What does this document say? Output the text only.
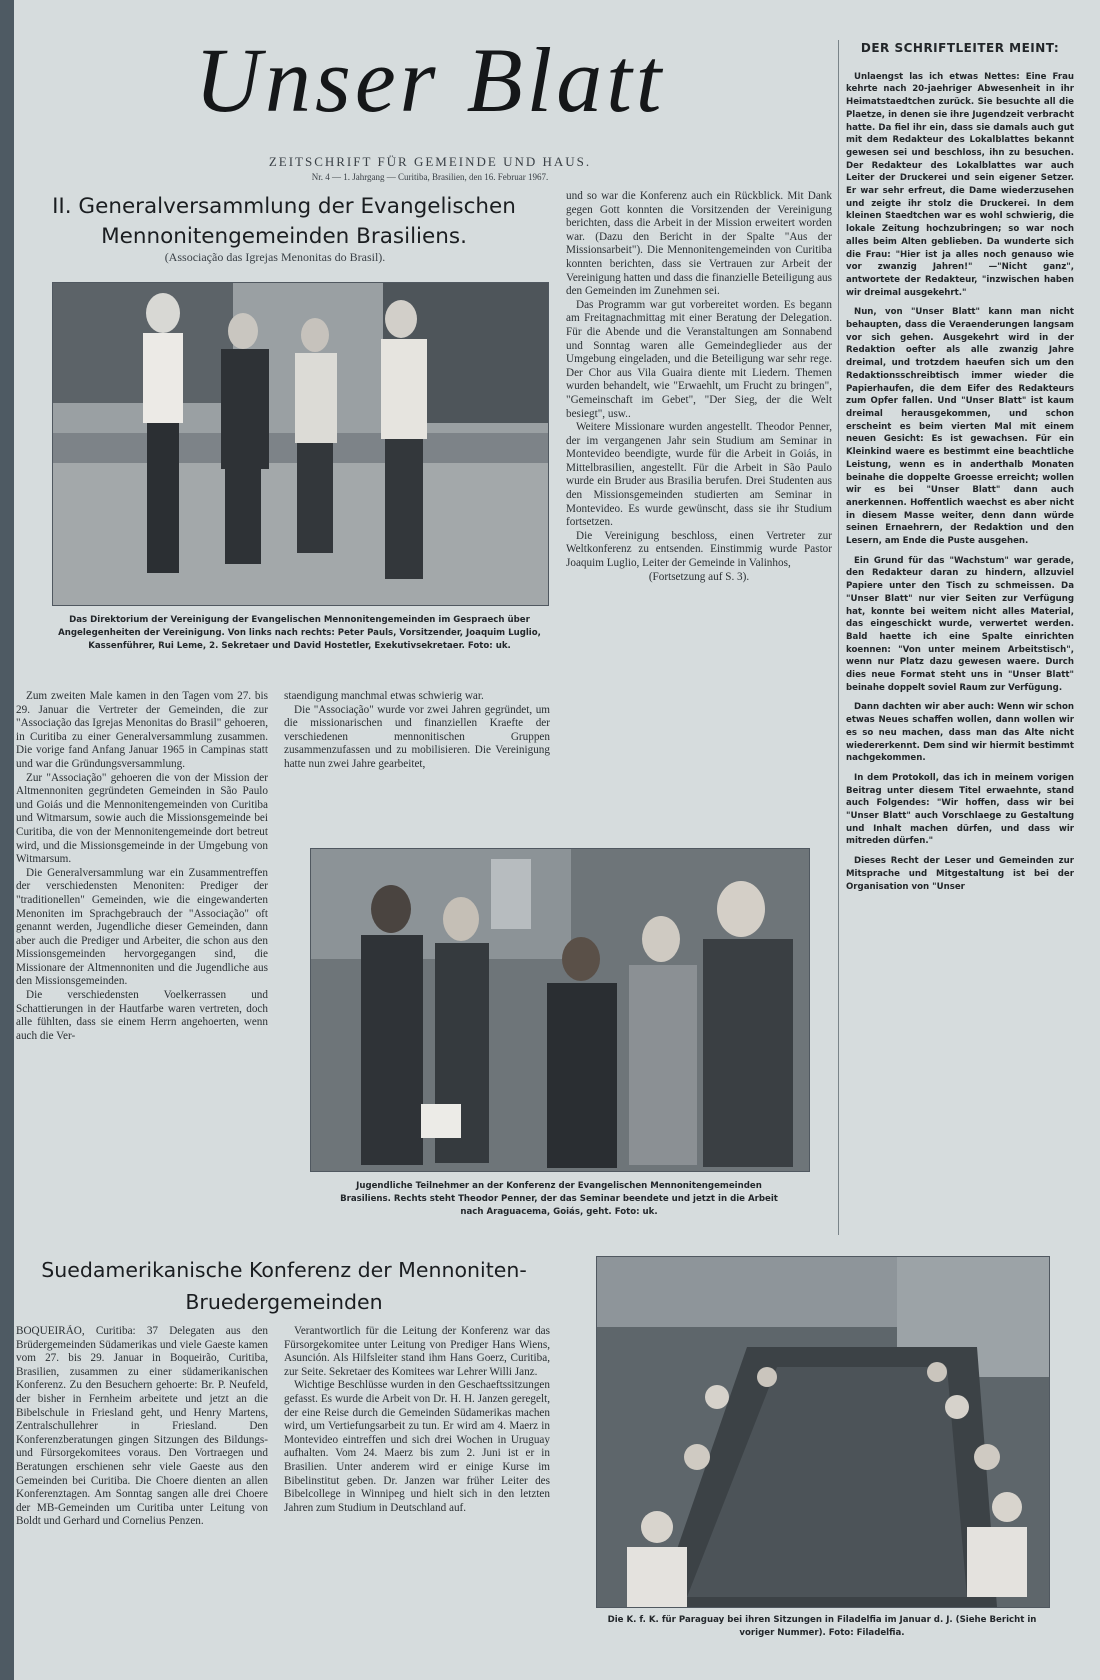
Unser Blatt
ZEITSCHRIFT FÜR GEMEINDE UND HAUS.
Nr. 4 — 1. Jahrgang — Curitiba, Brasilien, den 16. Februar 1967.
DER SCHRIFTLEITER MEINT:

Unlaengst las ich etwas Nettes: Eine Frau kehrte nach 20-jaehriger Abwesenheit in ihr Heimatstaedtchen zurück. Sie besuchte all die Plaetze, in denen sie ihre Jugendzeit verbracht hatte. Da fiel ihr ein, dass sie damals auch gut mit dem Redakteur des Lokalblattes bekannt gewesen sei und beschloss, ihn zu besuchen. Der Redakteur des Lokalblattes war auch Leiter der Druckerei und sein eigener Setzer. Er war sehr erfreut, die Dame wiederzusehen und zeigte ihr stolz die Druckerei. In dem kleinen Staedtchen war es wohl schwierig, die lokale Zeitung hochzubringen; so war noch alles beim Alten geblieben. Da wunderte sich die Frau: "Hier ist ja alles noch genauso wie vor zwanzig Jahren!" —"Nicht ganz", antwortete der Redakteur, "inzwischen haben wir dreimal ausgekehrt."

Nun, von "Unser Blatt" kann man nicht behaupten, dass die Veraenderungen langsam vor sich gehen. Ausgekehrt wird in der Redaktion oefter als alle zwanzig Jahre dreimal, und trotzdem haeufen sich um den Redaktionsschreibtisch immer wieder die Papierhaufen, die dem Eifer des Redakteurs zum Opfer fallen. Und "Unser Blatt" ist kaum dreimal herausgekommen, und schon erscheint es beim vierten Mal mit einem neuen Gesicht: Es ist gewachsen. Für ein Kleinkind waere es bestimmt eine beachtliche Leistung, wenn es in anderthalb Monaten beinahe die doppelte Groesse erreicht; wollen wir es bei "Unser Blatt" dann auch anerkennen. Hoffentlich waechst es aber nicht in diesem Masse weiter, denn dann würde seinen Ernaehrern, der Redaktion und den Lesern, am Ende die Puste ausgehen.

Ein Grund für das "Wachstum" war gerade, den Redakteur daran zu hindern, allzuviel Papiere unter den Tisch zu schmeissen. Da "Unser Blatt" nur vier Seiten zur Verfügung hat, konnte bei weitem nicht alles Material, das eingeschickt wurde, verwertet werden. Bald haette ich eine Spalte einrichten koennen: "Von unter meinem Arbeitstisch", wenn nur Platz dazu gewesen waere. Durch dies neue Format steht uns in "Unser Blatt" beinahe doppelt soviel Raum zur Verfügung.

Dann dachten wir aber auch: Wenn wir schon etwas Neues schaffen wollen, dann wollen wir es so neu machen, dass man das Alte nicht wiedererkennt. Dem sind wir hiermit bestimmt nachgekommen.

In dem Protokoll, das ich in meinem vorigen Beitrag unter diesem Titel erwaehnte, stand auch Folgendes: "Wir hoffen, dass wir bei "Unser Blatt" auch Vorschlaege zu Gestaltung und Inhalt machen dürfen, und dass wir mitreden dürfen."

Dieses Recht der Leser und Gemeinden zur Mitsprache und Mitgestaltung ist bei der Organisation von "Unser

II. Generalversammlung der Evangelischen Mennonitengemeinden Brasiliens.
(Associação das Igrejas Menonitas do Brasil).
Das Direktorium der Vereinigung der Evangelischen Mennonitengemeinden im Gespraech über Angelegenheiten der Vereinigung. Von links nach rechts: Peter Pauls, Vorsitzender, Joaquim Luglio, Kassenführer, Rui Leme, 2. Sekretaer und David Hostetler, Exekutivsekretaer. Foto: uk.

Zum zweiten Male kamen in den Tagen vom 27. bis 29. Januar die Vertreter der Gemeinden, die zur "Associação das Igrejas Menonitas do Brasil" gehoeren, in Curitiba zu einer Generalversammlung zusammen. Die vorige fand Anfang Januar 1965 in Campinas statt und war die Gründungsversammlung.

Zur "Associação" gehoeren die von der Mission der Altmennoniten gegründeten Gemeinden in São Paulo und Goiás und die Mennonitengemeinden von Curitiba und Witmarsum, sowie auch die Missionsgemeinde bei Curitiba, die von der Mennonitengemeinde dort betreut wird, und die Missionsgemeinde in der Umgebung von Witmarsum.

Die Generalversammlung war ein Zusammentreffen der verschiedensten Menoniten: Prediger der "traditionellen" Gemeinden, wie die eingewanderten Menoniten im Sprachgebrauch der "Associação" oft genannt werden, Jugendliche dieser Gemeinden, dann aber auch die Prediger und Arbeiter, die schon aus den Missionsgemeinden hervorgegangen sind, die Missionare der Altmennoniten und die Jugendliche aus den Missionsgemeinden.

Die verschiedensten Voelkerrassen und Schattierungen in der Hautfarbe waren vertreten, doch alle fühlten, dass sie einem Herrn angehoerten, wenn auch die Ver-

staendigung manchmal etwas schwierig war.

Die "Associação" wurde vor zwei Jahren gegründet, um die missionarischen und finanziellen Kraefte der verschiedenen mennonitischen Gruppen zusammenzufassen und zu mobilisieren. Die Vereinigung hatte nun zwei Jahre gearbeitet,

und so war die Konferenz auch ein Rückblick. Mit Dank gegen Gott konnten die Vorsitzenden der Vereinigung berichten, dass die Arbeit in der Mission erweitert worden war. (Dazu den Bericht in der Spalte "Aus der Missionsarbeit"). Die Mennonitengemeinden von Curitiba konnten berichten, dass sie Vertrauen zur Arbeit der Vereinigung hatten und dass die finanzielle Beteiligung aus den Gemeinden im Zunehmen sei.

Das Programm war gut vorbereitet worden. Es begann am Freitagnachmittag mit einer Beratung der Delegation. Für die Abende und die Veranstaltungen am Sonnabend und Sonntag waren alle Gemeindeglieder aus der Umgebung eingeladen, und die Beteiligung war sehr rege. Der Chor aus Vila Guaira diente mit Liedern. Themen wurden behandelt, wie "Erwaehlt, um Frucht zu bringen", "Gemeinschaft im Gebet", "Der Sieg, der die Welt besiegt", usw..

Weitere Missionare wurden angestellt. Theodor Penner, der im vergangenen Jahr sein Studium am Seminar in Montevideo beendigte, wurde für die Arbeit in Goiás, in Mittelbrasilien, angestellt. Für die Arbeit in São Paulo wurde ein Bruder aus Brasilia berufen. Drei Studenten aus den Missionsgemeinden studierten am Seminar in Montevideo. Es wurde gewünscht, dass sie ihr Studium fortsetzen.

Die Vereinigung beschloss, einen Vertreter zur Weltkonferenz zu entsenden. Einstimmig wurde Pastor Joaquim Luglio, Leiter der Gemeinde in Valinhos,

(Fortsetzung auf S. 3).

Jugendliche Teilnehmer an der Konferenz der Evangelischen Mennonitengemeinden Brasiliens. Rechts steht Theodor Penner, der das Seminar beendete und jetzt in die Arbeit nach Araguacema, Goiás, geht. Foto: uk.
Suedamerikanische Konferenz der Mennoniten-Bruedergemeinden

BOQUEIRÃO, Curitiba: 37 Delegaten aus den Brüdergemeinden Südamerikas und viele Gaeste kamen vom 27. bis 29. Januar in Boqueirão, Curitiba, Brasilien, zusammen zu einer südamerikanischen Konferenz. Zu den Besuchern gehoerte: Br. P. Neufeld, der bisher in Fernheim arbeitete und jetzt an die Bibelschule in Friesland geht, und Henry Martens, Zentralschullehrer in Friesland. Den Konferenzberatungen gingen Sitzungen des Bildungs- und Fürsorgekomitees voraus. Den Vortraegen und Beratungen erschienen sehr viele Gaeste aus den Gemeinden bei Curitiba. Die Choere dienten an allen Konferenztagen. Am Sonntag sangen alle drei Choere der MB-Gemeinden um Curitiba unter Leitung von Boldt und Gerhard und Cornelius Penzen.

Verantwortlich für die Leitung der Konferenz war das Fürsorgekomitee unter Leitung von Prediger Hans Wiens, Asunción. Als Hilfsleiter stand ihm Hans Goerz, Curitiba, zur Seite. Sekretaer des Komitees war Lehrer Willi Janz.

Wichtige Beschlüsse wurden in den Geschaeftssitzungen gefasst. Es wurde die Arbeit von Dr. H. H. Janzen geregelt, der eine Reise durch die Gemeinden Südamerikas machen wird, um Vertiefungsarbeit zu tun. Er wird am 4. Maerz in Montevideo eintreffen und sich drei Wochen in Uruguay aufhalten. Vom 24. Maerz bis zum 2. Juni ist er in Brasilien. Unter anderem wird er einige Kurse im Bibelinstitut geben. Dr. Janzen war früher Leiter des Bibelcollege in Winnipeg und hielt sich in den letzten Jahren zum Studium in Deutschland auf.

Die K. f. K. für Paraguay bei ihren Sitzungen in Filadelfia im Januar d. J. (Siehe Bericht in voriger Nummer). Foto: Filadelfia.
